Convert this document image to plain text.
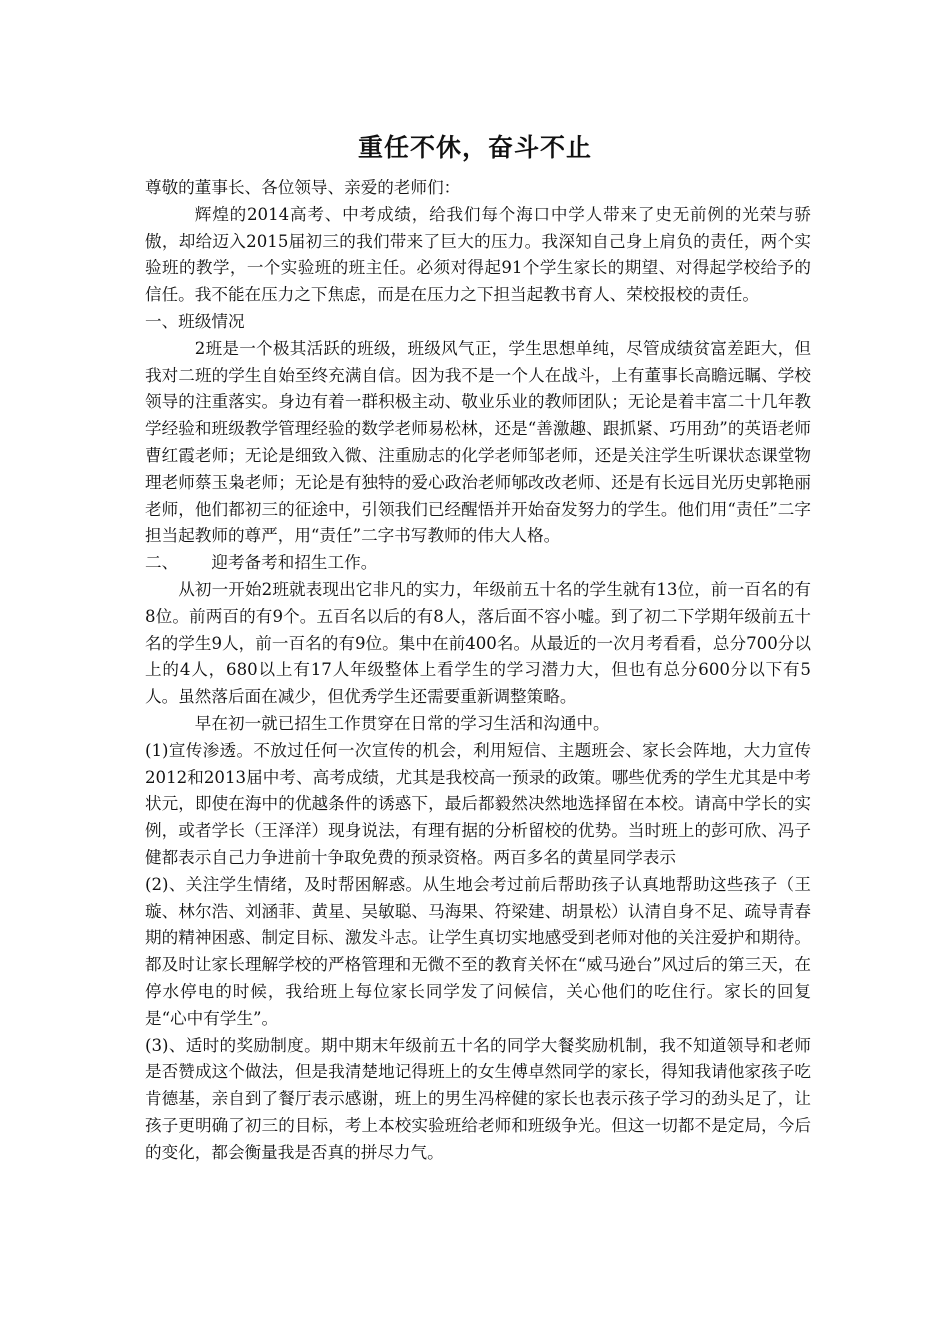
重任不休，奋斗不止

尊敬的董事长、各位领导、亲爱的老师们：

辉煌的2014高考、中考成绩，给我们每个海口中学人带来了史无前例的光荣与骄傲，却给迈入2015届初三的我们带来了巨大的压力。我深知自己身上肩负的责任，两个实验班的教学，一个实验班的班主任。必须对得起91个学生家长的期望、对得起学校给予的信任。我不能在压力之下焦虑，而是在压力之下担当起教书育人、荣校报校的责任。

一、班级情况

2班是一个极其活跃的班级，班级风气正，学生思想单纯，尽管成绩贫富差距大，但我对二班的学生自始至终充满自信。因为我不是一个人在战斗，上有董事长高瞻远瞩、学校领导的注重落实。身边有着一群积极主动、敬业乐业的教师团队；无论是着丰富二十几年教学经验和班级教学管理经验的数学老师易松林，还是“善激趣、跟抓紧、巧用劲”的英语老师曹红霞老师；无论是细致入微、注重励志的化学老师邹老师，还是关注学生听课状态课堂物理老师蔡玉枭老师；无论是有独特的爱心政治老师郇改改老师、还是有长远目光历史郭艳丽老师，他们都初三的征途中，引领我们已经醒悟并开始奋发努力的学生。他们用“责任”二字担当起教师的尊严，用“责任”二字书写教师的伟大人格。

二、 迎考备考和招生工作。

从初一开始2班就表现出它非凡的实力，年级前五十名的学生就有13位，前一百名的有8位。前两百的有9个。五百名以后的有8人，落后面不容小嘘。到了初二下学期年级前五十名的学生9人，前一百名的有9位。集中在前400名。从最近的一次月考看看，总分700分以上的4人，680以上有17人年级整体上看学生的学习潜力大，但也有总分600分以下有5人。虽然落后面在减少，但优秀学生还需要重新调整策略。

早在初一就已招生工作贯穿在日常的学习生活和沟通中。

(1)宣传渗透。不放过任何一次宣传的机会，利用短信、主题班会、家长会阵地，大力宣传2012和2013届中考、高考成绩，尤其是我校高一预录的政策。哪些优秀的学生尤其是中考状元，即使在海中的优越条件的诱惑下，最后都毅然决然地选择留在本校。请高中学长的实例，或者学长（王泽洋）现身说法，有理有据的分析留校的优势。当时班上的彭可欣、冯子健都表示自己力争进前十争取免费的预录资格。两百多名的黄星同学表示

(2)、关注学生情绪，及时帮困解惑。从生地会考过前后帮助孩子认真地帮助这些孩子（王璇、林尔浩、刘涵菲、黄星、吴敏聪、马海果、符梁建、胡景松）认清自身不足、疏导青春期的精神困惑、制定目标、激发斗志。让学生真切实地感受到老师对他的关注爱护和期待。都及时让家长理解学校的严格管理和无微不至的教育关怀在“威马逊台”风过后的第三天，在停水停电的时候，我给班上每位家长同学发了问候信，关心他们的吃住行。家长的回复是“心中有学生”。

(3)、适时的奖励制度。期中期末年级前五十名的同学大餐奖励机制，我不知道领导和老师是否赞成这个做法，但是我清楚地记得班上的女生傅卓然同学的家长，得知我请他家孩子吃肯德基，亲自到了餐厅表示感谢，班上的男生冯梓健的家长也表示孩子学习的劲头足了，让孩子更明确了初三的目标，考上本校实验班给老师和班级争光。但这一切都不是定局，今后的变化，都会衡量我是否真的拼尽力气。
